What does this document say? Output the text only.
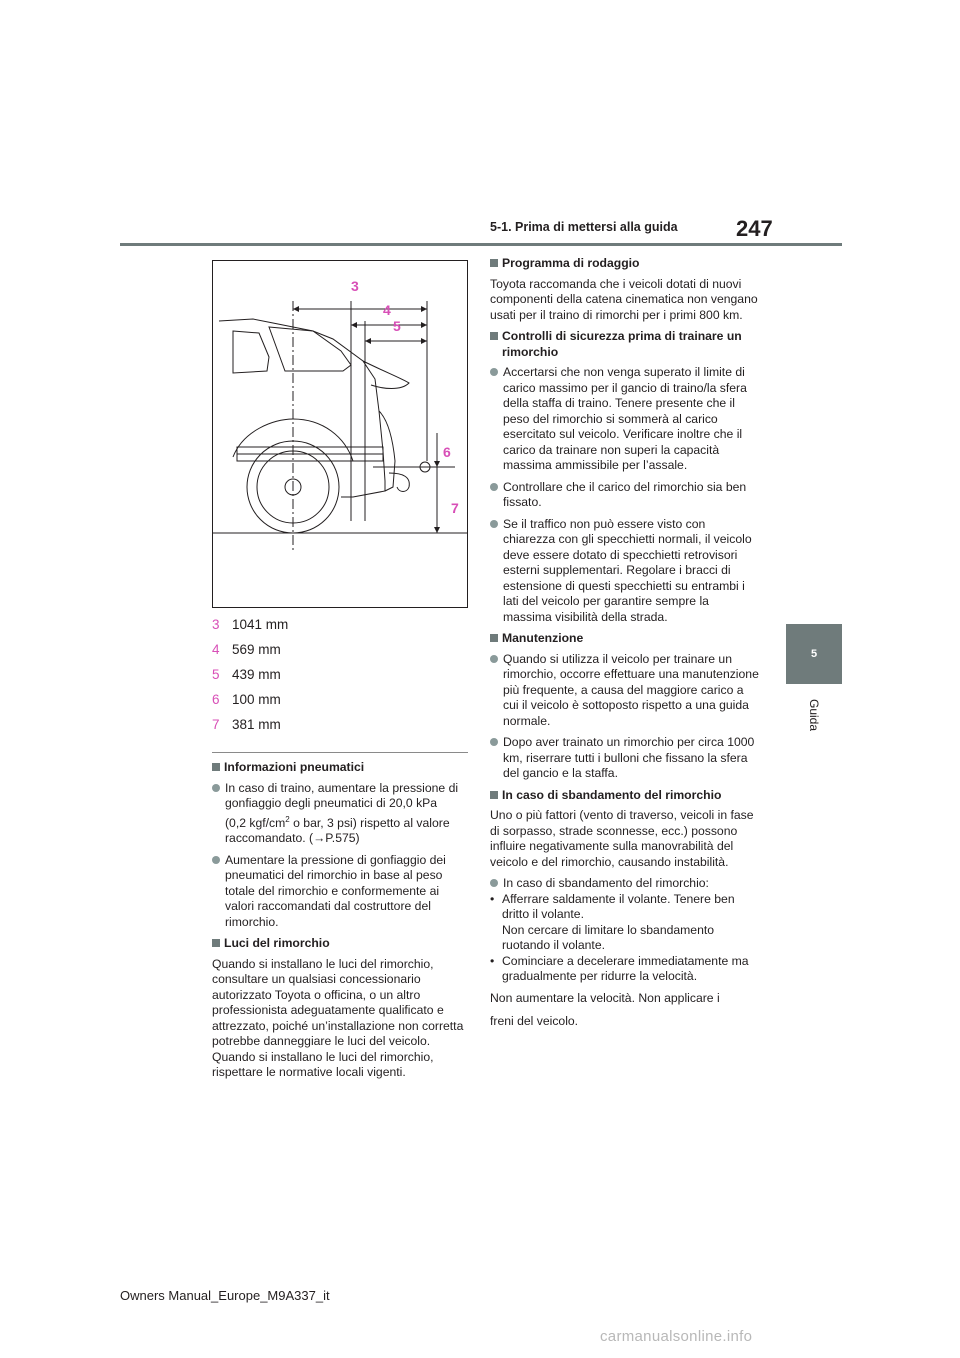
5-1. Prima di mettersi alla guida	247
5
Guida
3
4
5
6
7
3 1041 mm
4 569 mm
5 439 mm
6 100 mm
7 381 mm
Informazioni pneumatici
In caso di traino, aumentare la pressione di gonfiaggio degli pneumatici di 20,0 kPa
(0,2 kgf/$cm^2$ o bar, 3 psi) rispetto al valore raccomandato. (→P.575)
Aumentare la pressione di gonfiaggio dei pneumatici del rimorchio in base al peso totale del rimorchio e conformemente ai valori raccomandati dal costruttore del rimorchio.
Luci del rimorchio

Quando si installano le luci del rimorchio, consultare un qualsiasi concessionario autorizzato Toyota o officina, o un altro professionista adeguatamente qualificato e attrezzato, poiché un’installazione non corretta potrebbe danneggiare le luci del veicolo. Quando si installano le luci del rimorchio, rispettare le normative locali vigenti.

Programma di rodaggio

Toyota raccomanda che i veicoli dotati di nuovi componenti della catena cinematica non vengano usati per il traino di rimorchi per i primi 800 km.

Controlli di sicurezza prima di trainare un rimorchio
Accertarsi che non venga superato il limite di carico massimo per il gancio di traino/la sfera della staffa di traino. Tenere presente che il peso del rimorchio si sommerà al carico esercitato sul veicolo. Verificare inoltre che il carico da trainare non superi la capacità massima ammissibile per l’assale.
Controllare che il carico del rimorchio sia ben fissato.
Se il traffico non può essere visto con chiarezza con gli specchietti normali, il veicolo deve essere dotato di specchietti retrovisori esterni supplementari. Regolare i bracci di estensione di questi specchietti su entrambi i lati del veicolo per garantire sempre la massima visibilità della strada.
Manutenzione
Quando si utilizza il veicolo per trainare un rimorchio, occorre effettuare una manutenzione più frequente, a causa del maggiore carico a cui il veicolo è sottoposto rispetto a una guida normale.
Dopo aver trainato un rimorchio per circa 1000 km, riserrare tutti i bulloni che fissano la sfera del gancio e la staffa.
In caso di sbandamento del rimorchio

Uno o più fattori (vento di traverso, veicoli in fase di sorpasso, strade sconnesse, ecc.) possono influire negativamente sulla manovrabilità del veicolo e del rimorchio, causando instabilità.

In caso di sbandamento del rimorchio:
• Afferrare saldamente il volante. Tenere ben dritto il volante.
Non cercare di limitare lo sbandamento ruotando il volante.
• Cominciare a decelerare immediatamente ma gradualmente per ridurre la velocità.

Non aumentare la velocità. Non applicare i

freni del veicolo.

Owners Manual_Europe_M9A337_it
carmanualsonline.info
